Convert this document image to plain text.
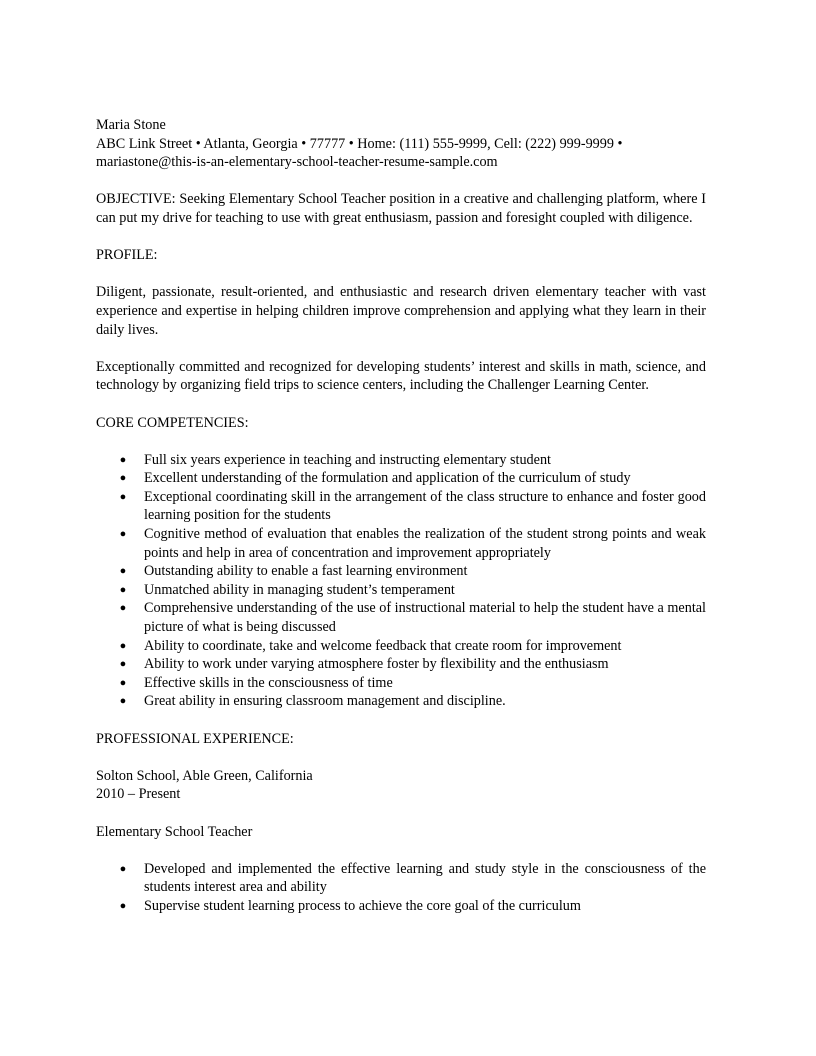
Maria Stone

ABC Link Street • Atlanta, Georgia • 77777 • Home: (111) 555-9999, Cell: (222) 999-9999 •

mariastone@this-is-an-elementary-school-teacher-resume-sample.com

OBJECTIVE: Seeking Elementary School Teacher position in a creative and challenging platform, where I can put my drive for teaching to use with great enthusiasm, passion and foresight coupled with diligence.

PROFILE:

Diligent, passionate, result-oriented, and enthusiastic and research driven elementary teacher with vast experience and expertise in helping children improve comprehension and applying what they learn in their daily lives.

Exceptionally committed and recognized for developing students’ interest and skills in math, science, and technology by organizing field trips to science centers, including the Challenger Learning Center.

CORE COMPETENCIES:

● Full six years experience in teaching and instructing elementary student
● Excellent understanding of the formulation and application of the curriculum of study
● Exceptional coordinating skill in the arrangement of the class structure to enhance and foster good learning position for the students
● Cognitive method of evaluation that enables the realization of the student strong points and weak points and help in area of concentration and improvement appropriately
● Outstanding ability to enable a fast learning environment
● Unmatched ability in managing student’s temperament
● Comprehensive understanding of the use of instructional material to help the student have a mental picture of what is being discussed
● Ability to coordinate, take and welcome feedback that create room for improvement
● Ability to work under varying atmosphere foster by flexibility and the enthusiasm
● Effective skills in the consciousness of time
● Great ability in ensuring classroom management and discipline.

PROFESSIONAL EXPERIENCE:

Solton School, Able Green, California

2010 – Present

Elementary School Teacher

● Developed and implemented the effective learning and study style in the consciousness of the students interest area and ability
● Supervise student learning process to achieve the core goal of the curriculum
